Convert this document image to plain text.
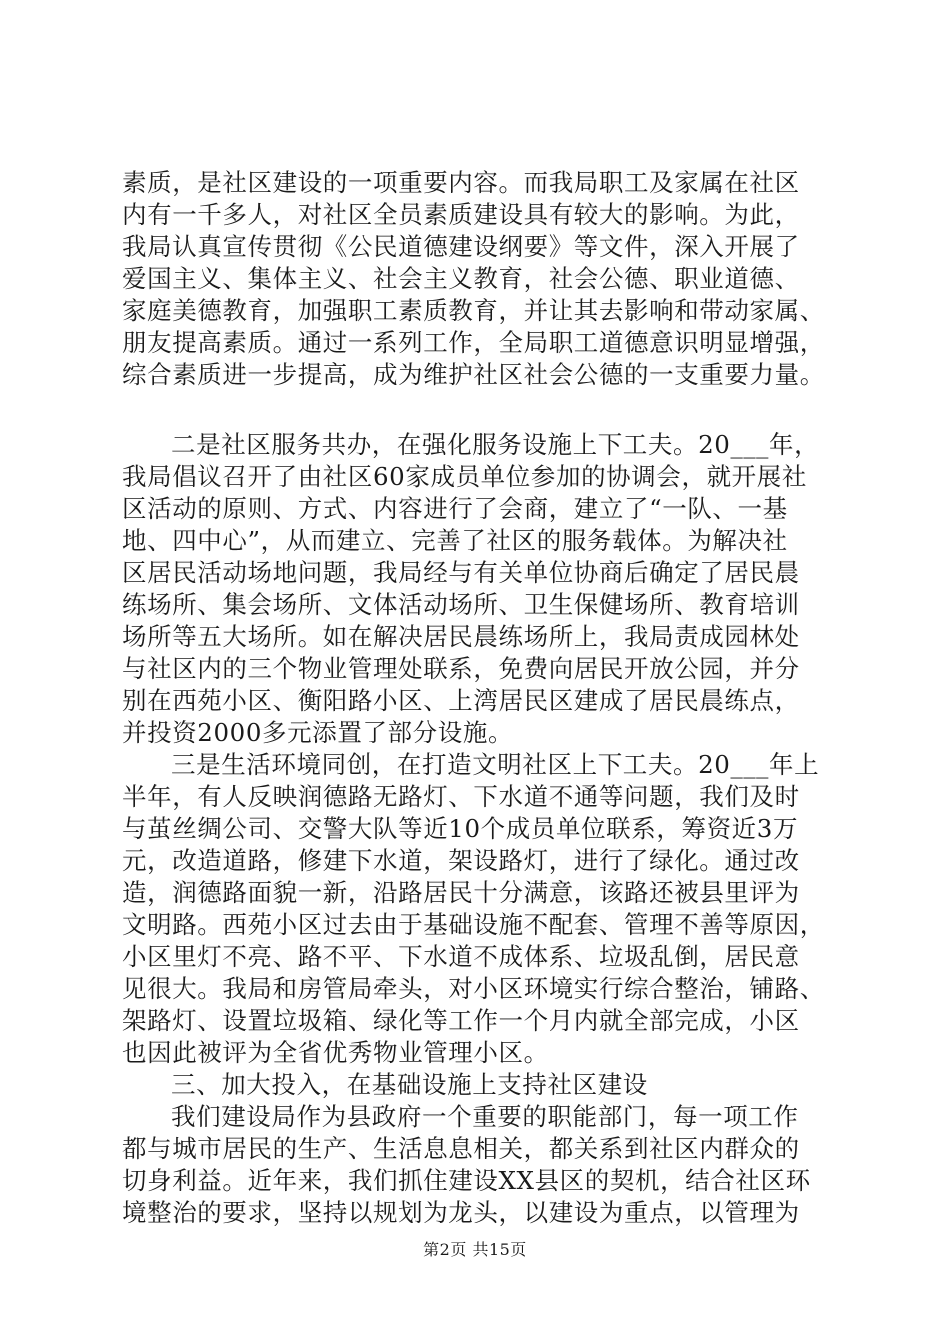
素质，是社区建设的一项重要内容。而我局职工及家属在社区
内有一千多人，对社区全员素质建设具有较大的影响。为此，
我局认真宣传贯彻《公民道德建设纲要》等文件，深入开展了
爱国主义、集体主义、社会主义教育，社会公德、职业道德、
家庭美德教育，加强职工素质教育，并让其去影响和带动家属、
朋友提高素质。通过一系列工作，全局职工道德意识明显增强，
综合素质进一步提高，成为维护社区社会公德的一支重要力量。
二是社区服务共办，在强化服务设施上下工夫。20___年，
我局倡议召开了由社区60家成员单位参加的协调会，就开展社
区活动的原则、方式、内容进行了会商，建立了“一队、一基
地、四中心”，从而建立、完善了社区的服务载体。为解决社
区居民活动场地问题，我局经与有关单位协商后确定了居民晨
练场所、集会场所、文体活动场所、卫生保健场所、教育培训
场所等五大场所。如在解决居民晨练场所上，我局责成园林处
与社区内的三个物业管理处联系，免费向居民开放公园，并分
别在西苑小区、衡阳路小区、上湾居民区建成了居民晨练点，
并投资2000多元添置了部分设施。
三是生活环境同创，在打造文明社区上下工夫。20___年上
半年，有人反映润德路无路灯、下水道不通等问题，我们及时
与茧丝绸公司、交警大队等近10个成员单位联系，筹资近3万
元，改造道路，修建下水道，架设路灯，进行了绿化。通过改
造，润德路面貌一新，沿路居民十分满意，该路还被县里评为
文明路。西苑小区过去由于基础设施不配套、管理不善等原因，
小区里灯不亮、路不平、下水道不成体系、垃圾乱倒，居民意
见很大。我局和房管局牵头，对小区环境实行综合整治，铺路、
架路灯、设置垃圾箱、绿化等工作一个月内就全部完成，小区
也因此被评为全省优秀物业管理小区。
三、加大投入，在基础设施上支持社区建设
我们建设局作为县政府一个重要的职能部门，每一项工作
都与城市居民的生产、生活息息相关，都关系到社区内群众的
切身利益。近年来，我们抓住建设XX县区的契机，结合社区环
境整治的要求，坚持以规划为龙头，以建设为重点，以管理为
第2页 共15页
